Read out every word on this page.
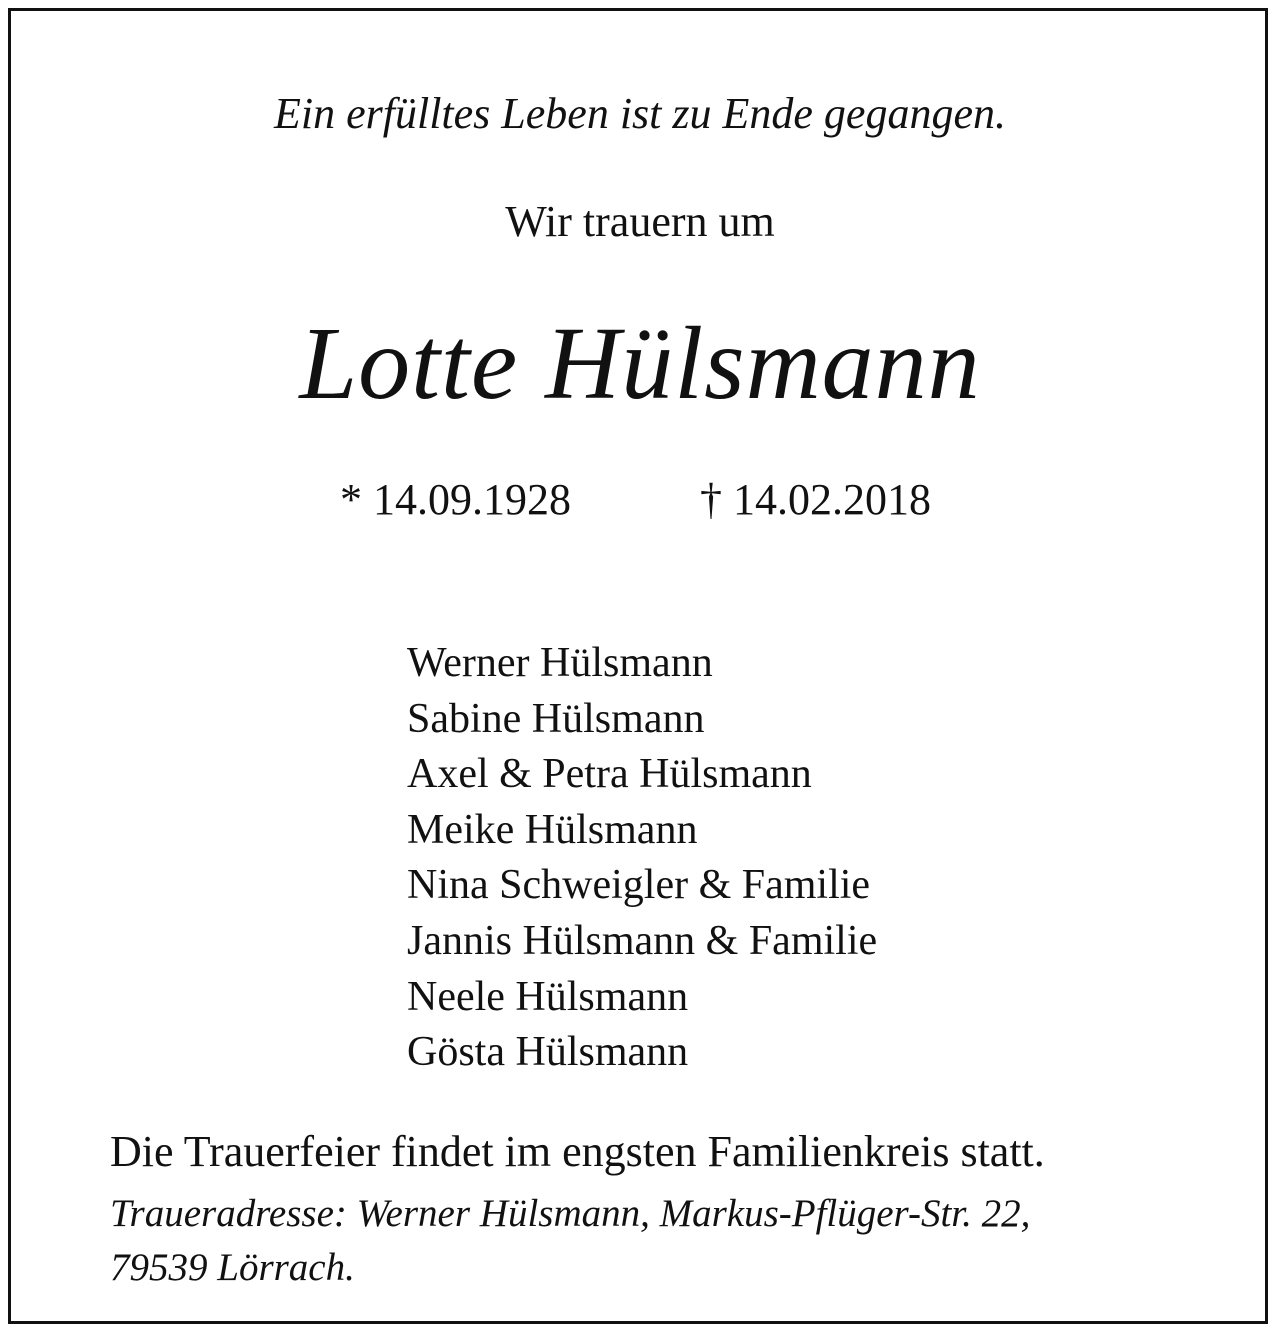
Ein erfülltes Leben ist zu Ende gegangen.
Wir trauern um
Lotte Hülsmann
* 14.09.1928	† 14.02.2018
Werner Hülsmann
Sabine Hülsmann
Axel & Petra Hülsmann
Meike Hülsmann
Nina Schweigler & Familie
Jannis Hülsmann & Familie
Neele Hülsmann
Gösta Hülsmann
Die Trauerfeier findet im engsten Familienkreis statt.
Traueradresse: Werner Hülsmann, Markus-Pflüger-Str. 22,
79539 Lörrach.
